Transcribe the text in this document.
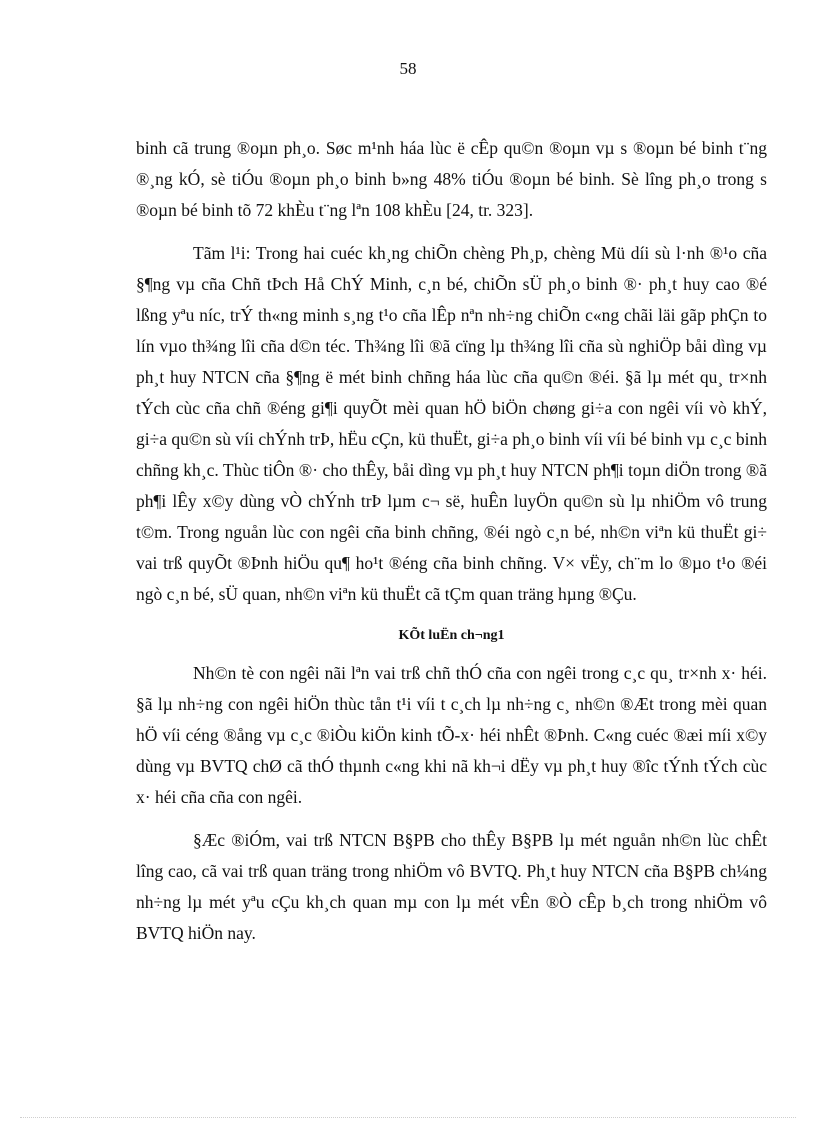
58

binh cã trung ®oµn ph¸o. Søc m¹nh háa lùc ë cÊp qu©n ®oµn vµ s ®oµn bé binh t¨ng ®¸ng kÓ, sè tiÓu ®oµn ph¸o binh b»ng 48% tiÓu ®oµn bé binh. Sè lîng ph¸o trong s ®oµn bé binh tõ 72 khÈu t¨ng lªn 108 khÈu [24, tr. 323].

Tãm l¹i: Trong hai cuéc kh¸ng chiÕn chèng Ph¸p, chèng Mü díi sù l·nh ®¹o cña §¶ng vµ cña Chñ tÞch Hå ChÝ Minh, c¸n bé, chiÕn sÜ ph¸o binh ®· ph¸t huy cao ®é lßng yªu níc, trÝ th«ng minh s¸ng t¹o cña lÊp nªn nh÷ng chiÕn c«ng chãi läi gãp phÇn to lín vµo th¾ng lîi cña d©n téc. Th¾ng lîi ®ã cïng lµ th¾ng lîi cña sù nghiÖp båi dìng vµ ph¸t huy NTCN cña §¶ng ë mét binh chñng háa lùc cña qu©n ®éi. §ã lµ mét qu¸ tr×nh tÝch cùc cña chñ ®éng gi¶i quyÕt mèi quan hÖ biÖn chøng gi÷a con ngêi víi vò khÝ, gi÷a qu©n sù víi chÝnh trÞ, hËu cÇn, kü thuËt, gi÷a ph¸o binh víi víi bé binh vµ c¸c binh chñng kh¸c. Thùc tiÔn ®· cho thÊy, båi dìng vµ ph¸t huy NTCN ph¶i toµn diÖn trong ®ã ph¶i lÊy x©y dùng vÒ chÝnh trÞ lµm c¬ së, huÊn luyÖn qu©n sù lµ nhiÖm vô trung t©m. Trong nguån lùc con ngêi cña binh chñng, ®éi ngò c¸n bé, nh©n viªn kü thuËt gi÷ vai trß quyÕt ®Þnh hiÖu qu¶ ho¹t ®éng cña binh chñng. V× vËy, ch¨m lo ®µo t¹o ®éi ngò c¸n bé, sÜ quan, nh©n viªn kü thuËt cã tÇm quan träng hµng ®Çu.

KÕt luËn ch¬ng1

Nh©n tè con ngêi nãi lªn vai trß chñ thÓ cña con ngêi trong c¸c qu¸ tr×nh x· héi. §ã lµ nh÷ng con ngêi hiÖn thùc tån t¹i víi t c¸ch lµ nh÷ng c¸ nh©n ®Æt trong mèi quan hÖ víi céng ®ång vµ c¸c ®iÒu kiÖn kinh tÕ-x· héi nhÊt ®Þnh. C«ng cuéc ®æi míi x©y dùng vµ BVTQ chØ cã thÓ thµnh c«ng khi nã kh¬i dËy vµ ph¸t huy ®îc tÝnh tÝch cùc x· héi cña cña con ngêi.

§Æc ®iÓm, vai trß NTCN B§PB cho thÊy B§PB lµ mét nguån nh©n lùc chÊt lîng cao, cã vai trß quan träng trong nhiÖm vô BVTQ. Ph¸t huy NTCN cña B§PB ch¼ng nh÷ng lµ mét yªu cÇu kh¸ch quan mµ con lµ mét vÊn ®Ò cÊp b¸ch trong nhiÖm vô BVTQ hiÖn nay.
